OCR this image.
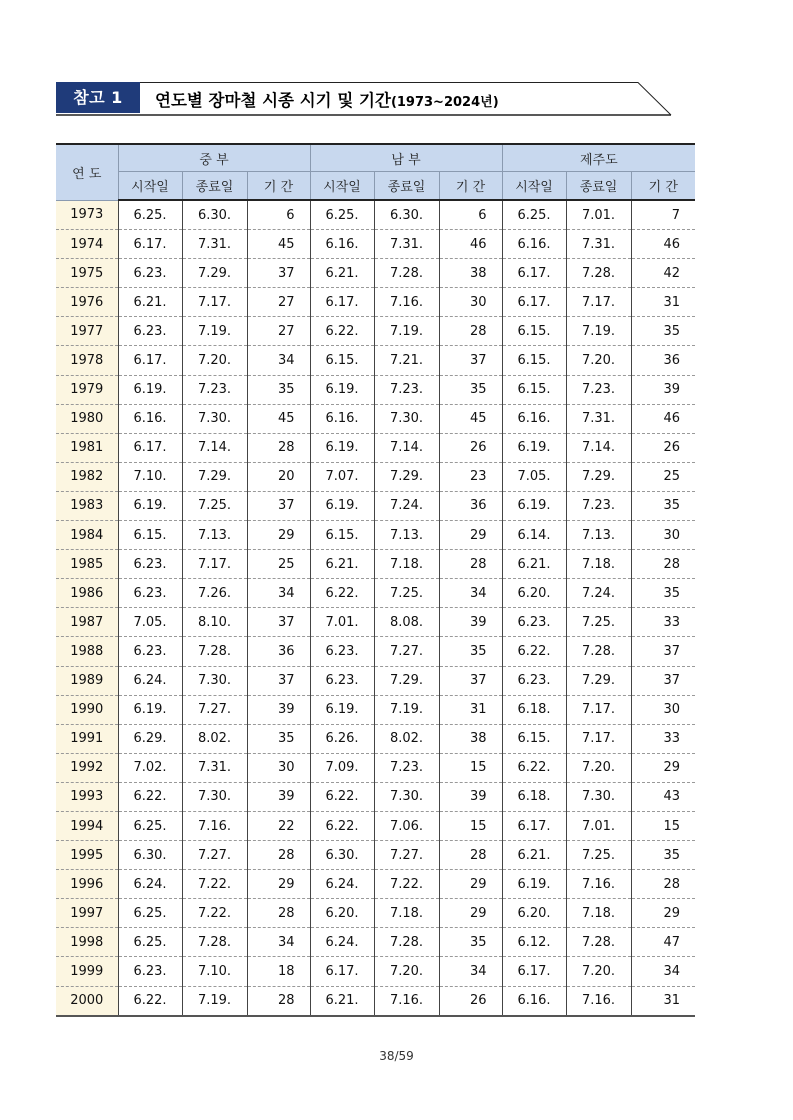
참고 1	연도별 장마철 시종 시기 및 기간(1973~2024년)
연 도	중 부			남 부			제주도		
	시작일	종료일	기 간	시작일	종료일	기 간	시작일	종료일	기 간
1973	6.25.	6.30.	6	6.25.	6.30.	6	6.25.	7.01.	7
1974	6.17.	7.31.	45	6.16.	7.31.	46	6.16.	7.31.	46
1975	6.23.	7.29.	37	6.21.	7.28.	38	6.17.	7.28.	42
1976	6.21.	7.17.	27	6.17.	7.16.	30	6.17.	7.17.	31
1977	6.23.	7.19.	27	6.22.	7.19.	28	6.15.	7.19.	35
1978	6.17.	7.20.	34	6.15.	7.21.	37	6.15.	7.20.	36
1979	6.19.	7.23.	35	6.19.	7.23.	35	6.15.	7.23.	39
1980	6.16.	7.30.	45	6.16.	7.30.	45	6.16.	7.31.	46
1981	6.17.	7.14.	28	6.19.	7.14.	26	6.19.	7.14.	26
1982	7.10.	7.29.	20	7.07.	7.29.	23	7.05.	7.29.	25
1983	6.19.	7.25.	37	6.19.	7.24.	36	6.19.	7.23.	35
1984	6.15.	7.13.	29	6.15.	7.13.	29	6.14.	7.13.	30
1985	6.23.	7.17.	25	6.21.	7.18.	28	6.21.	7.18.	28
1986	6.23.	7.26.	34	6.22.	7.25.	34	6.20.	7.24.	35
1987	7.05.	8.10.	37	7.01.	8.08.	39	6.23.	7.25.	33
1988	6.23.	7.28.	36	6.23.	7.27.	35	6.22.	7.28.	37
1989	6.24.	7.30.	37	6.23.	7.29.	37	6.23.	7.29.	37
1990	6.19.	7.27.	39	6.19.	7.19.	31	6.18.	7.17.	30
1991	6.29.	8.02.	35	6.26.	8.02.	38	6.15.	7.17.	33
1992	7.02.	7.31.	30	7.09.	7.23.	15	6.22.	7.20.	29
1993	6.22.	7.30.	39	6.22.	7.30.	39	6.18.	7.30.	43
1994	6.25.	7.16.	22	6.22.	7.06.	15	6.17.	7.01.	15
1995	6.30.	7.27.	28	6.30.	7.27.	28	6.21.	7.25.	35
1996	6.24.	7.22.	29	6.24.	7.22.	29	6.19.	7.16.	28
1997	6.25.	7.22.	28	6.20.	7.18.	29	6.20.	7.18.	29
1998	6.25.	7.28.	34	6.24.	7.28.	35	6.12.	7.28.	47
1999	6.23.	7.10.	18	6.17.	7.20.	34	6.17.	7.20.	34
2000	6.22.	7.19.	28	6.21.	7.16.	26	6.16.	7.16.	31
38/59
